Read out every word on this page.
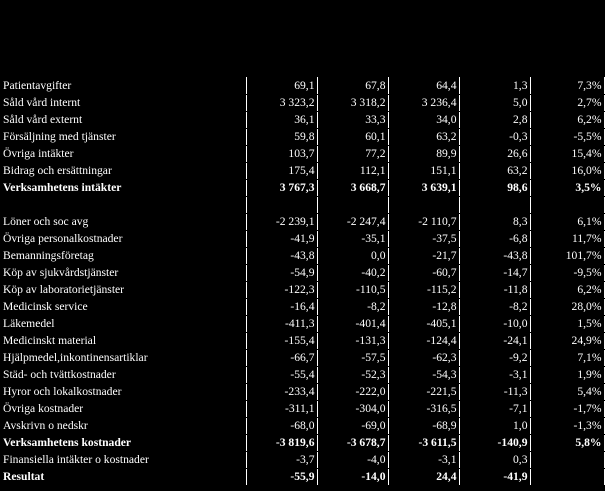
Patientavgifter	69,1	67,8	64,4	1,3	7,3%
Såld vård internt	3 323,2	3 318,2	3 236,4	5,0	2,7%
Såld vård externt	36,1	33,3	34,0	2,8	6,2%
Försäljning med tjänster	59,8	60,1	63,2	-0,3	-5,5%
Övriga intäkter	103,7	77,2	89,9	26,6	15,4%
Bidrag och ersättningar	175,4	112,1	151,1	63,2	16,0%
Verksamhetens intäkter	3 767,3	3 668,7	3 639,1	98,6	3,5%

Löner och soc avg	-2 239,1	-2 247,4	-2 110,7	8,3	6,1%
Övriga personalkostnader	-41,9	-35,1	-37,5	-6,8	11,7%
Bemanningsföretag	-43,8	0,0	-21,7	-43,8	101,7%
Köp av sjukvårdstjänster	-54,9	-40,2	-60,7	-14,7	-9,5%
Köp av laboratorietjänster	-122,3	-110,5	-115,2	-11,8	6,2%
Medicinsk service	-16,4	-8,2	-12,8	-8,2	28,0%
Läkemedel	-411,3	-401,4	-405,1	-10,0	1,5%
Medicinskt material	-155,4	-131,3	-124,4	-24,1	24,9%
Hjälpmedel,inkontinensartiklar	-66,7	-57,5	-62,3	-9,2	7,1%
Städ- och tvättkostnader	-55,4	-52,3	-54,3	-3,1	1,9%
Hyror och lokalkostnader	-233,4	-222,0	-221,5	-11,3	5,4%
Övriga kostnader	-311,1	-304,0	-316,5	-7,1	-1,7%
Avskrivn o nedskr	-68,0	-69,0	-68,9	1,0	-1,3%
Verksamhetens kostnader	-3 819,6	-3 678,7	-3 611,5	-140,9	5,8%
Finansiella intäkter o kostnader	-3,7	-4,0	-3,1	0,3	
Resultat	-55,9	-14,0	24,4	-41,9	
